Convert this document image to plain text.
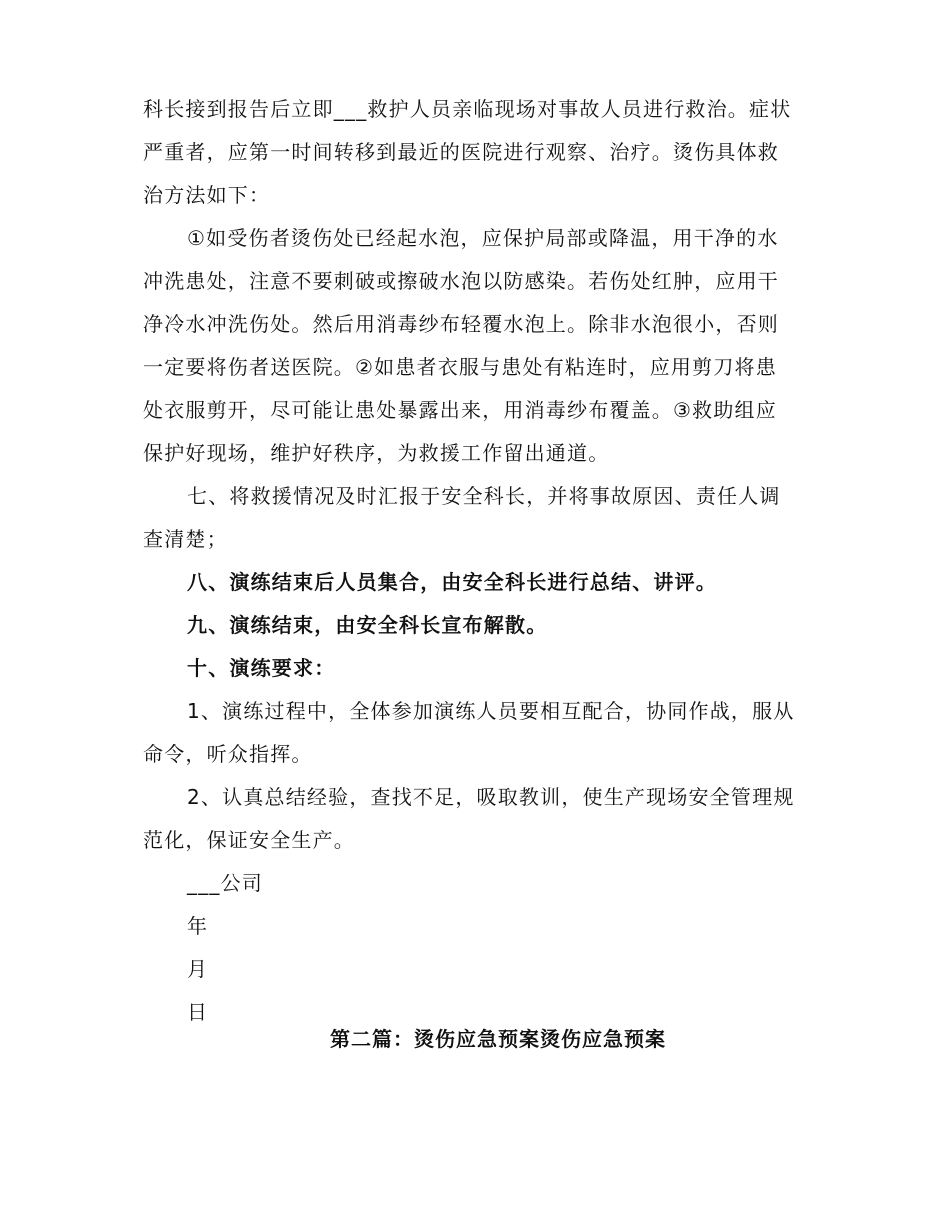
科长接到报告后立即___救护人员亲临现场对事故人员进行救治。症状
严重者，应第一时间转移到最近的医院进行观察、治疗。烫伤具体救
治方法如下：
①如受伤者烫伤处已经起水泡，应保护局部或降温，用干净的水
冲洗患处，注意不要刺破或擦破水泡以防感染。若伤处红肿，应用干
净冷水冲洗伤处。然后用消毒纱布轻覆水泡上。除非水泡很小，否则
一定要将伤者送医院。②如患者衣服与患处有粘连时，应用剪刀将患
处衣服剪开，尽可能让患处暴露出来，用消毒纱布覆盖。③救助组应
保护好现场，维护好秩序，为救援工作留出通道。
七、将救援情况及时汇报于安全科长，并将事故原因、责任人调
查清楚；
八、演练结束后人员集合，由安全科长进行总结、讲评。
九、演练结束，由安全科长宣布解散。
十、演练要求：
1、演练过程中，全体参加演练人员要相互配合，协同作战，服从
命令，听众指挥。
2、认真总结经验，查找不足，吸取教训，使生产现场安全管理规
范化，保证安全生产。
___公司
年
月
日
第二篇：烫伤应急预案烫伤应急预案
